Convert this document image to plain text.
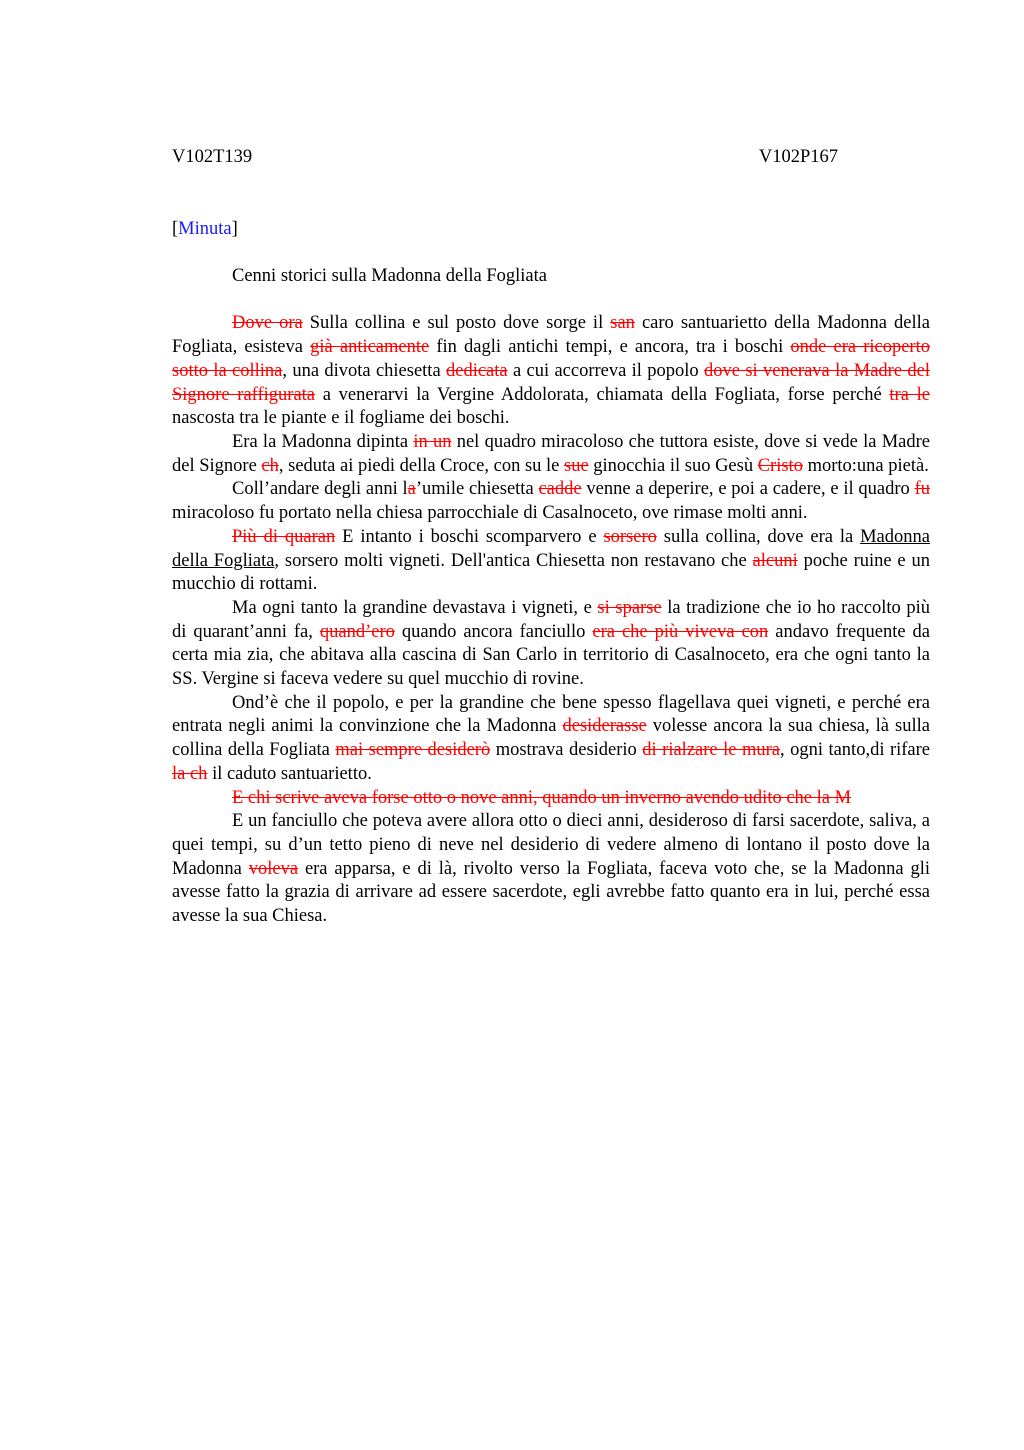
V102T139	V102P167
[Minuta]
Cenni storici sulla Madonna della Fogliata

Dove ora Sulla collina e sul posto dove sorge il san caro santuarietto della Madonna della Fogliata, esisteva già anticamente fin dagli antichi tempi, e ancora, tra i boschi onde era ricoperto sotto la collina, una divota chiesetta dedicata a cui accorreva il popolo dove si venerava la Madre del Signore raffigurata a venerarvi la Vergine Addolorata, chiamata della Fogliata, forse perché tra le nascosta tra le piante e il fogliame dei boschi.

Era la Madonna dipinta in un nel quadro miracoloso che tuttora esiste, dove si vede la Madre del Signore ch, seduta ai piedi della Croce, con su le sue ginocchia il suo Gesù Cristo morto:una pietà.

Coll’andare degli anni la’umile chiesetta cadde venne a deperire, e poi a cadere, e il quadro fu miracoloso fu portato nella chiesa parrocchiale di Casalnoceto, ove rimase molti anni.

Più di quaran E intanto i boschi scomparvero e sorsero sulla collina, dove era la Madonna della Fogliata, sorsero molti vigneti. Dell'antica Chiesetta non restavano che alcuni poche ruine e un mucchio di rottami.

Ma ogni tanto la grandine devastava i vigneti, e si sparse la tradizione che io ho raccolto più di quarant’anni fa, quand’ero quando ancora fanciullo era che più viveva con andavo frequente da certa mia zia, che abitava alla cascina di San Carlo in territorio di Casalnoceto, era che ogni tanto la SS. Vergine si faceva vedere su quel mucchio di rovine.

Ond’è che il popolo, e per la grandine che bene spesso flagellava quei vigneti, e perché era entrata negli animi la convinzione che la Madonna desiderasse volesse ancora la sua chiesa, là sulla collina della Fogliata mai sempre desiderò mostrava desiderio di rialzare le mura, ogni tanto,di rifare la ch il caduto santuarietto.

E chi scrive aveva forse otto o nove anni, quando un inverno avendo udito che la M

E un fanciullo che poteva avere allora otto o dieci anni, desideroso di farsi sacerdote, saliva, a quei tempi, su d’un tetto pieno di neve nel desiderio di vedere almeno di lontano il posto dove la Madonna voleva era apparsa, e di là, rivolto verso la Fogliata, faceva voto che, se la Madonna gli avesse fatto la grazia di arrivare ad essere sacerdote, egli avrebbe fatto quanto era in lui, perché essa avesse la sua Chiesa.
